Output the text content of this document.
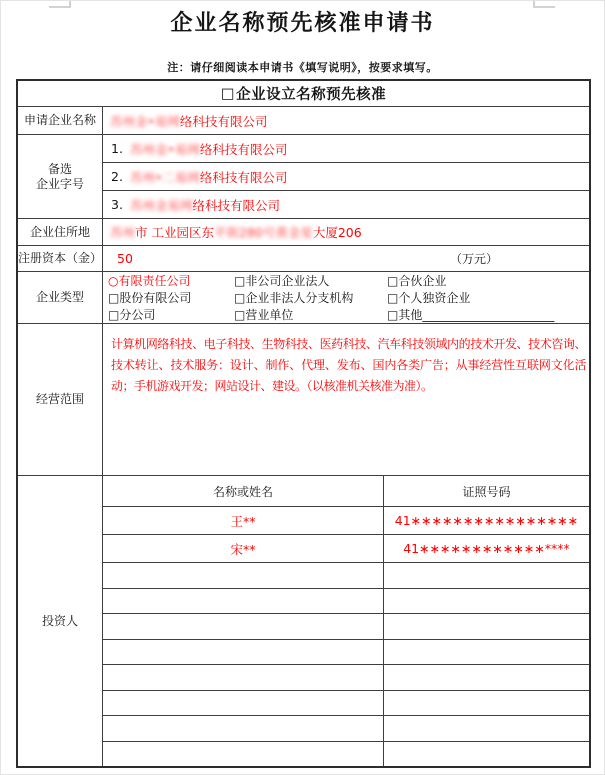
企业名称预先核准申请书
注：请仔细阅读本申请书《填写说明》，按要求填写。
□ 企业设立名称预先核准
申请企业名称	苏州金•易网 络科技有限公司
备选
企业字号
1. 苏州金•易网 络科技有限公司
2. 苏州•二易网 络科技有限公司
3. 苏州金易网 络科技有限公司
企业住所地	苏州 市 工业园区东 平街280号黄金星 大厦206
注册资本（金） 50	（万元）
企业类型
○有限责任公司	□非公司企业法人	□合伙企业
□股份有限公司	□企业非法人分支机构	□个人独资企业
□分公司	□营业单位	□其他______________________
经营范围
计算机网络科技、电子科技、生物科技、医药科技、汽车科技领域内的技术开发、技术咨询、技术转让、技术服务：设计、制作、代理、发布、国内各类广告；从事经营性互联网文化活动；手机游戏开发；网站设计、建设。（以核准机关核准为准）。
投资人
名称或姓名	证照号码
王**	41∗∗∗∗∗∗∗∗∗∗∗∗∗∗∗∗
宋**	41∗∗∗∗∗∗∗∗∗∗∗∗****
